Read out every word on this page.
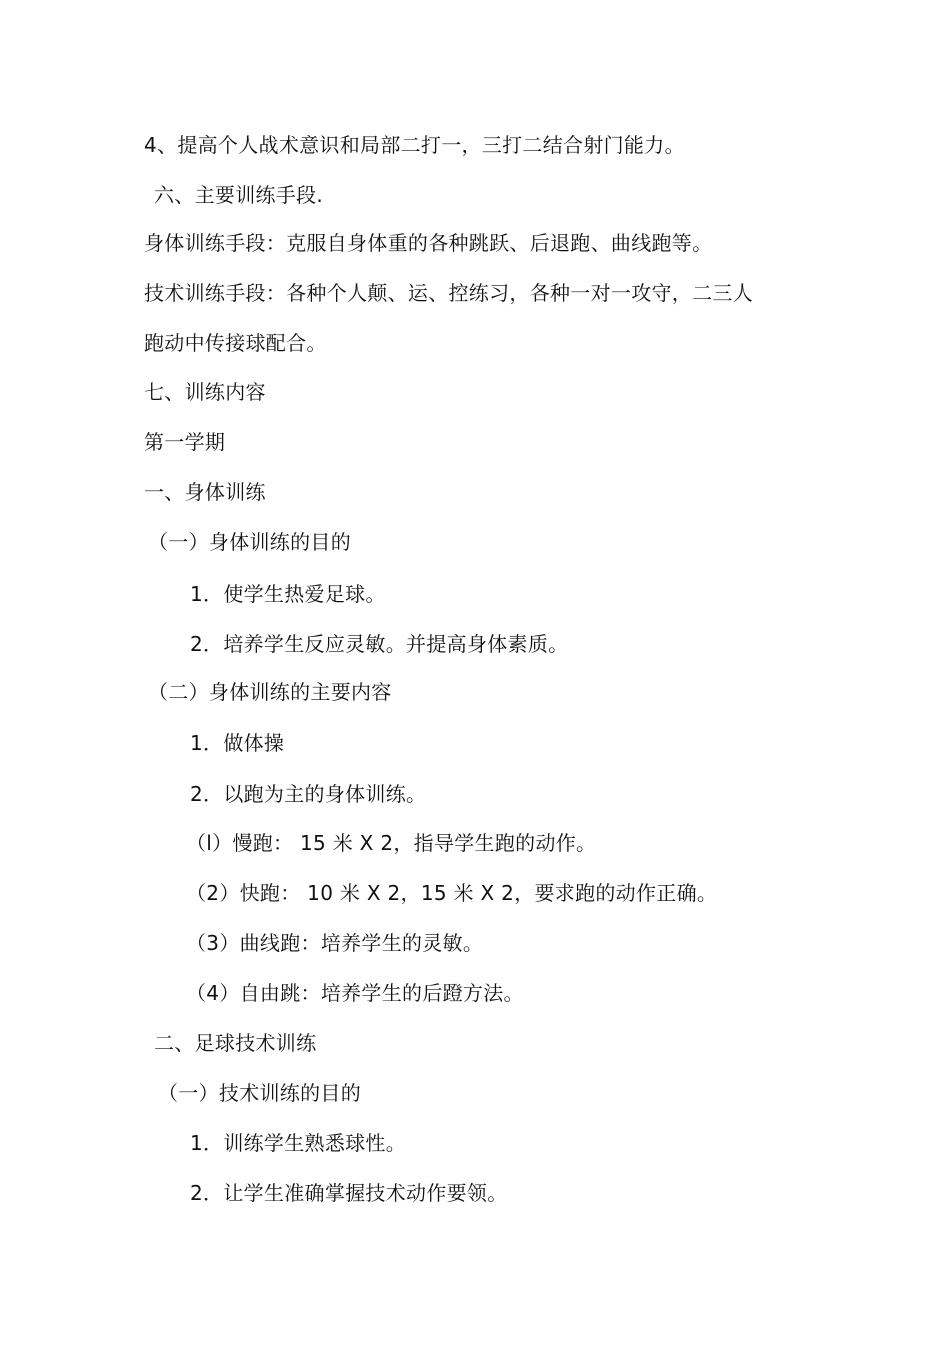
4、提高个人战术意识和局部二打一，三打二结合射门能力。
六、主要训练手段.
身体训练手段：克服自身体重的各种跳跃、后退跑、曲线跑等。
技术训练手段：各种个人颠、运、控练习，各种一对一攻守，二三人
跑动中传接球配合。
七、训练内容
第一学期
一、身体训练
（一）身体训练的目的
1．使学生热爱足球。
2．培养学生反应灵敏。并提高身体素质。
（二）身体训练的主要内容
1．做体操
2．以跑为主的身体训练。
（l）慢跑： 15 米 X 2，指导学生跑的动作。
（2）快跑： 10 米 X 2，15 米 X 2，要求跑的动作正确。
（3）曲线跑：培养学生的灵敏。
（4）自由跳：培养学生的后蹬方法。
二、足球技术训练
（一）技术训练的目的
1．训练学生熟悉球性。
2．让学生准确掌握技术动作要领。
